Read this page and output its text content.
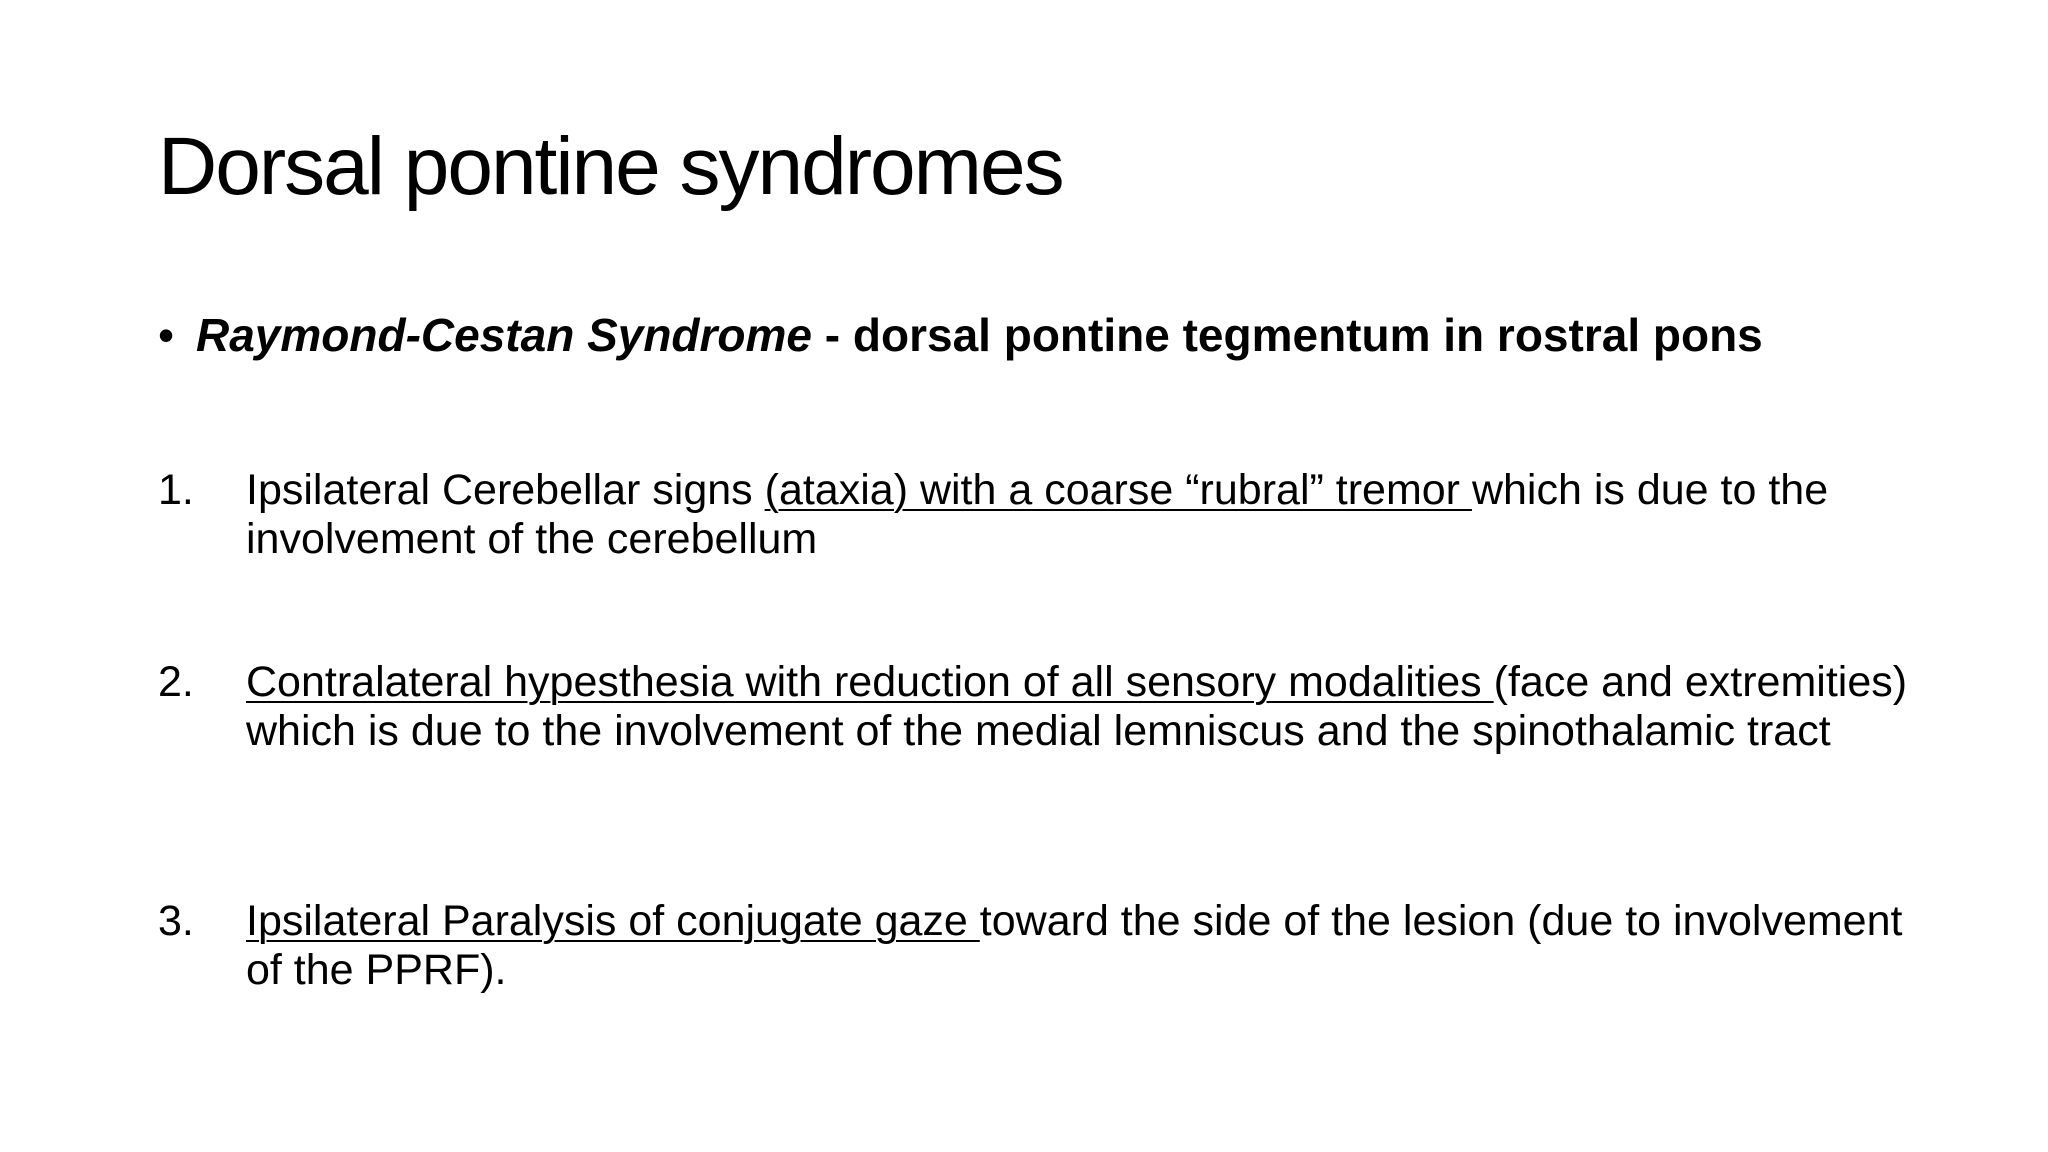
Dorsal pontine syndromes
• Raymond-Cestan Syndrome - dorsal pontine tegmentum in rostral pons
1. Ipsilateral Cerebellar signs (ataxia) with a coarse “rubral” tremor which is due to the involvement of the cerebellum
2. Contralateral hypesthesia with reduction of all sensory modalities (face and extremities) which is due to the involvement of the medial lemniscus and the spinothalamic tract
3. Ipsilateral Paralysis of conjugate gaze toward the side of the lesion (due to involvement of the PPRF).
